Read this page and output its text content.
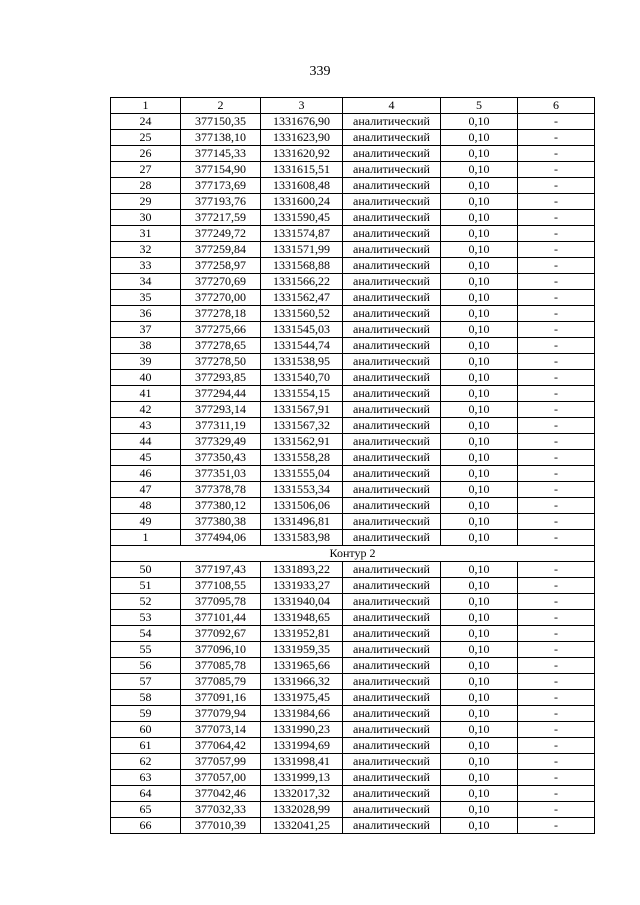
339
1	2	3	4	5	6
24	377150,35	1331676,90	аналитический	0,10	-
25	377138,10	1331623,90	аналитический	0,10	-
26	377145,33	1331620,92	аналитический	0,10	-
27	377154,90	1331615,51	аналитический	0,10	-
28	377173,69	1331608,48	аналитический	0,10	-
29	377193,76	1331600,24	аналитический	0,10	-
30	377217,59	1331590,45	аналитический	0,10	-
31	377249,72	1331574,87	аналитический	0,10	-
32	377259,84	1331571,99	аналитический	0,10	-
33	377258,97	1331568,88	аналитический	0,10	-
34	377270,69	1331566,22	аналитический	0,10	-
35	377270,00	1331562,47	аналитический	0,10	-
36	377278,18	1331560,52	аналитический	0,10	-
37	377275,66	1331545,03	аналитический	0,10	-
38	377278,65	1331544,74	аналитический	0,10	-
39	377278,50	1331538,95	аналитический	0,10	-
40	377293,85	1331540,70	аналитический	0,10	-
41	377294,44	1331554,15	аналитический	0,10	-
42	377293,14	1331567,91	аналитический	0,10	-
43	377311,19	1331567,32	аналитический	0,10	-
44	377329,49	1331562,91	аналитический	0,10	-
45	377350,43	1331558,28	аналитический	0,10	-
46	377351,03	1331555,04	аналитический	0,10	-
47	377378,78	1331553,34	аналитический	0,10	-
48	377380,12	1331506,06	аналитический	0,10	-
49	377380,38	1331496,81	аналитический	0,10	-
1	377494,06	1331583,98	аналитический	0,10	-
Контур 2					
50	377197,43	1331893,22	аналитический	0,10	-
51	377108,55	1331933,27	аналитический	0,10	-
52	377095,78	1331940,04	аналитический	0,10	-
53	377101,44	1331948,65	аналитический	0,10	-
54	377092,67	1331952,81	аналитический	0,10	-
55	377096,10	1331959,35	аналитический	0,10	-
56	377085,78	1331965,66	аналитический	0,10	-
57	377085,79	1331966,32	аналитический	0,10	-
58	377091,16	1331975,45	аналитический	0,10	-
59	377079,94	1331984,66	аналитический	0,10	-
60	377073,14	1331990,23	аналитический	0,10	-
61	377064,42	1331994,69	аналитический	0,10	-
62	377057,99	1331998,41	аналитический	0,10	-
63	377057,00	1331999,13	аналитический	0,10	-
64	377042,46	1332017,32	аналитический	0,10	-
65	377032,33	1332028,99	аналитический	0,10	-
66	377010,39	1332041,25	аналитический	0,10	-
